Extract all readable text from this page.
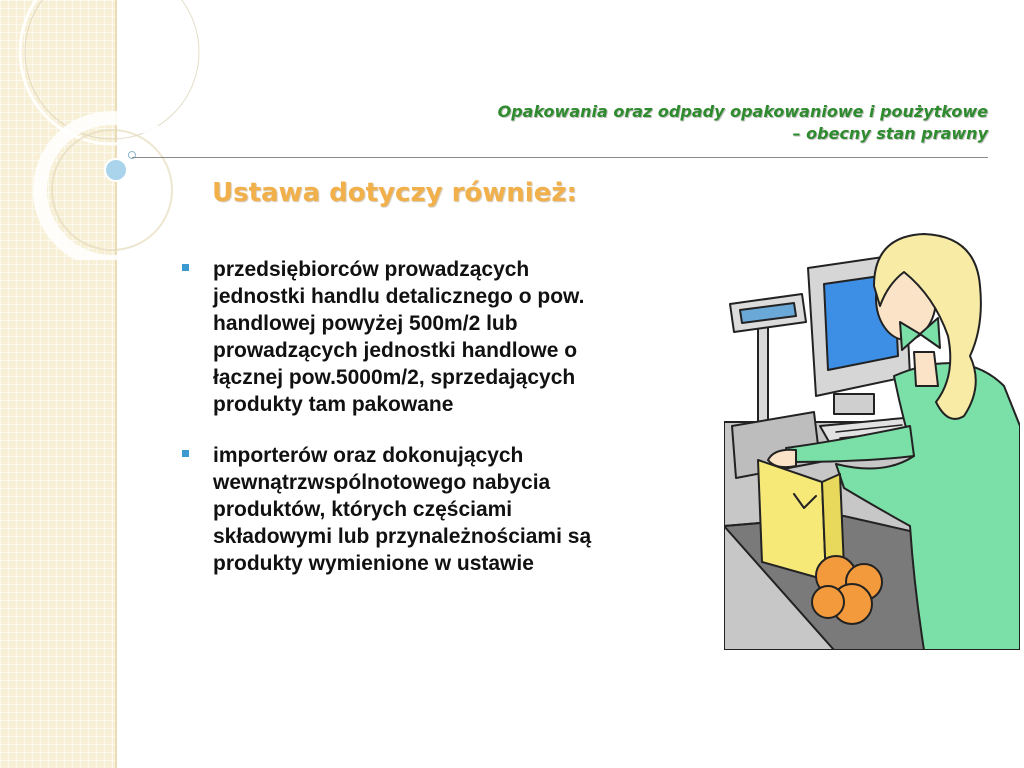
Opakowania oraz odpady opakowaniowe i poużytkowe
– obecny stan prawny
Ustawa dotyczy również:
przedsiębiorców prowadzących
jednostki handlu detalicznego o pow.
handlowej powyżej 500m/2 lub
prowadzących jednostki handlowe o
łącznej pow.5000m/2, sprzedających
produkty tam pakowane
importerów oraz dokonujących
wewnątrzwspólnotowego nabycia
produktów, których częściami
składowymi lub przynależnościami są
produkty wymienione w ustawie
